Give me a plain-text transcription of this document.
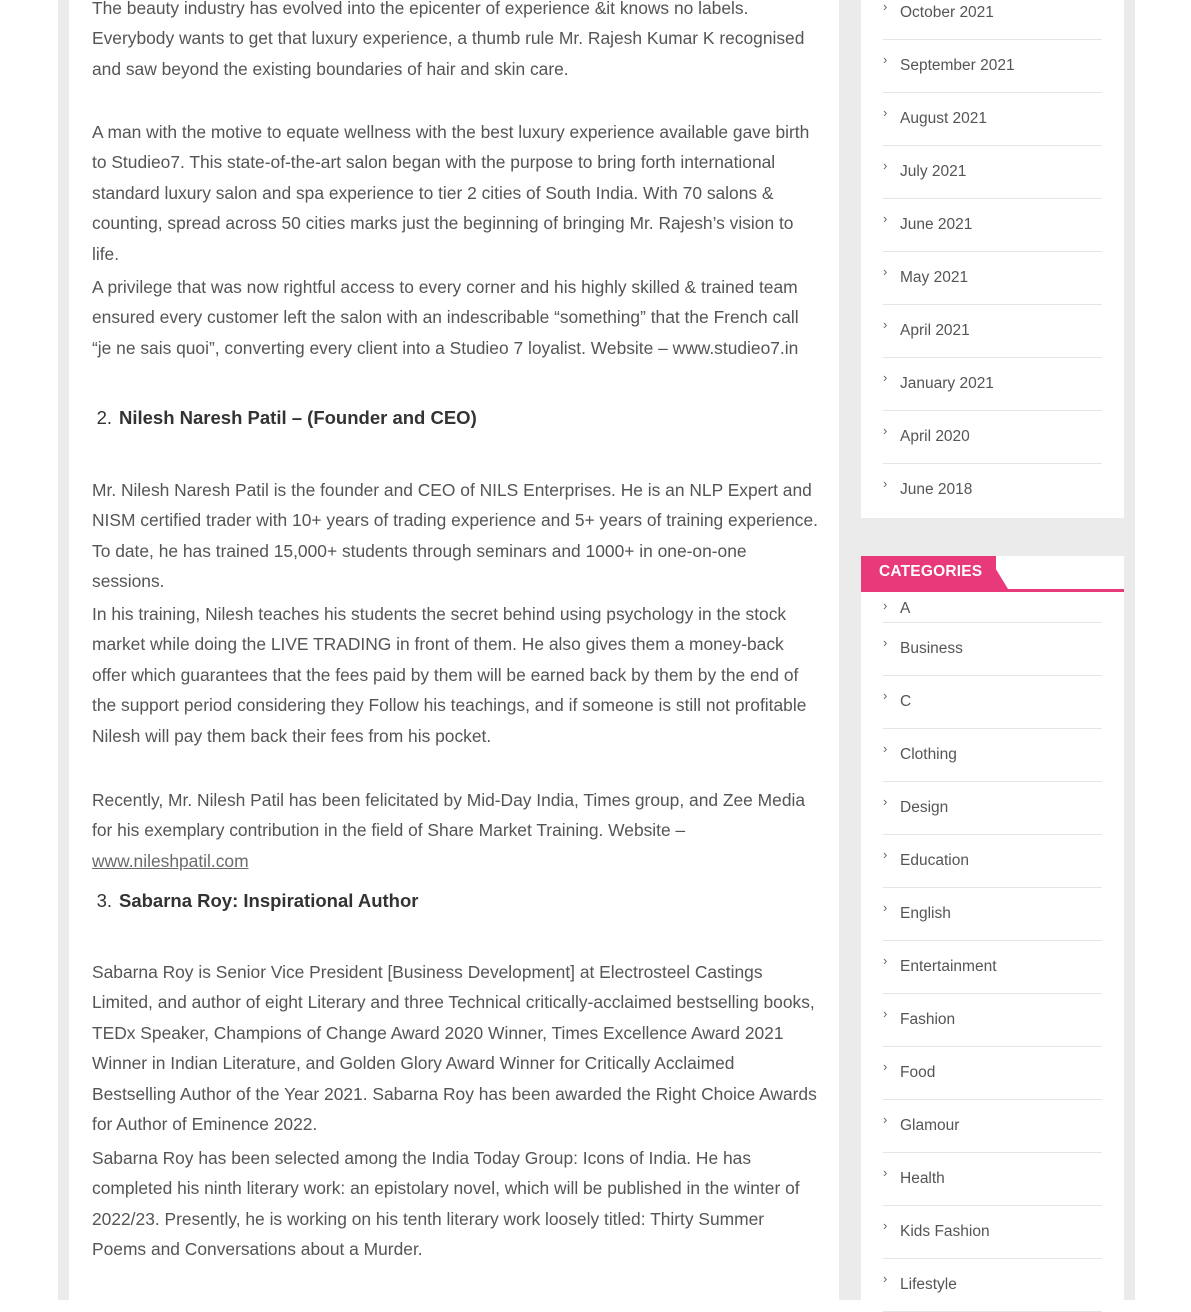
The beauty industry has evolved into the epicenter of experience &it knows no labels. Everybody wants to get that luxury experience, a thumb rule Mr. Rajesh Kumar K recognised and saw beyond the existing boundaries of hair and skin care.

A man with the motive to equate wellness with the best luxury experience available gave birth to Studieo7. This state-of-the-art salon began with the purpose to bring forth international standard luxury salon and spa experience to tier 2 cities of South India. With 70 salons & counting, spread across 50 cities marks just the beginning of bringing Mr. Rajesh’s vision to life.

A privilege that was now rightful access to every corner and his highly skilled & trained team ensured every customer left the salon with an indescribable “something” that the French call “je ne sais quoi”, converting every client into a Studieo 7 loyalist. Website – www.studieo7.in

2. Nilesh Naresh Patil – (Founder and CEO)

Mr. Nilesh Naresh Patil is the founder and CEO of NILS Enterprises. He is an NLP Expert and NISM certified trader with 10+ years of trading experience and 5+ years of training experience. To date, he has trained 15,000+ students through seminars and 1000+ in one-on-one sessions.

In his training, Nilesh teaches his students the secret behind using psychology in the stock market while doing the LIVE TRADING in front of them. He also gives them a money-back offer which guarantees that the fees paid by them will be earned back by them by the end of the support period considering they Follow his teachings, and if someone is still not profitable Nilesh will pay them back their fees from his pocket.

Recently, Mr. Nilesh Patil has been felicitated by Mid-Day India, Times group, and Zee Media for his exemplary contribution in the field of Share Market Training. Website – www.nileshpatil.com

3. Sabarna Roy: Inspirational Author

Sabarna Roy is Senior Vice President [Business Development] at Electrosteel Castings Limited, and author of eight Literary and three Technical critically-acclaimed bestselling books, TEDx Speaker, Champions of Change Award 2020 Winner, Times Excellence Award 2021 Winner in Indian Literature, and Golden Glory Award Winner for Critically Acclaimed Bestselling Author of the Year 2021. Sabarna Roy has been awarded the Right Choice Awards for Author of Eminence 2022.

Sabarna Roy has been selected among the India Today Group: Icons of India. He has completed his ninth literary work: an epistolary novel, which will be published in the winter of 2022/23. Presently, he is working on his tenth literary work loosely titled: Thirty Summer Poems and Conversations about a Murder.

› October 2021
› September 2021
› August 2021
› July 2021
› June 2021
› May 2021
› April 2021
› January 2021
› April 2020
› June 2018
CATEGORIES
› A
› Business
› C
› Clothing
› Design
› Education
› English
› Entertainment
› Fashion
› Food
› Glamour
› Health
› Kids Fashion
› Lifestyle
